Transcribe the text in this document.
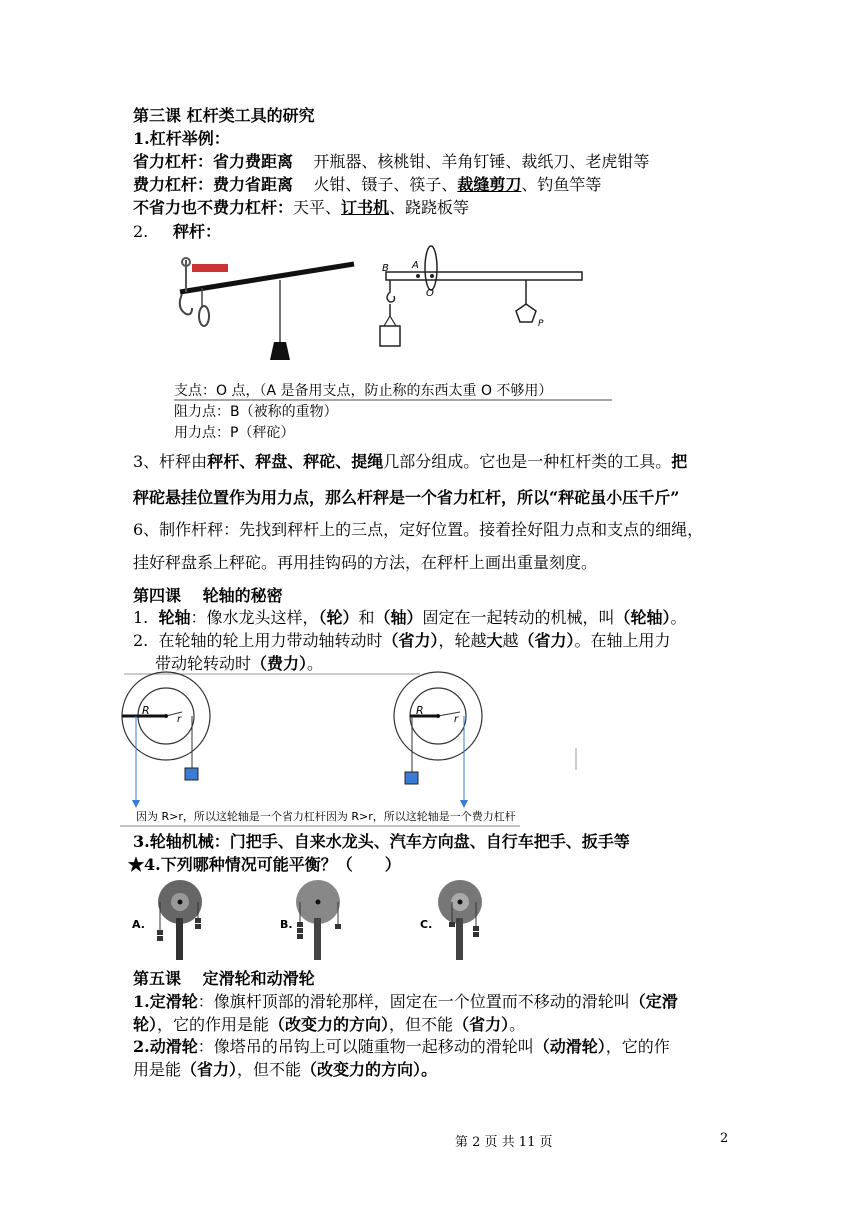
第三课 杠杆类工具的研究
1.杠杆举例：
省力杠杆：省力费距离 开瓶器、核桃钳、羊角钉锤、裁纸刀、老虎钳等
费力杠杆：费力省距离 火钳、镊子、筷子、裁缝剪刀、钓鱼竿等
不省力也不费力杠杆：天平、订书机、跷跷板等
2. 秤杆：
B A
O
P
支点：O 点，（A 是备用支点，防止称的东西太重 O 不够用）
阻力点：B（被称的重物）
用力点：P（秤砣）
3、杆秤由秤杆、秤盘、秤砣、提绳几部分组成。它也是一种杠杆类的工具。把
秤砣悬挂位置作为用力点，那么杆秤是一个省力杠杆，所以“秤砣虽小压千斤”
6、制作杆秤：先找到秤杆上的三点，定好位置。接着拴好阻力点和支点的细绳，
挂好秤盘系上秤砣。再用挂钩码的方法，在秤杆上画出重量刻度。
第四课　 轮轴的秘密
1. 轮轴：像水龙头这样，（轮）和（轴）固定在一起转动的机械，叫（轮轴）。
2. 在轮轴的轮上用力带动轴转动时（省力），轮越大越（省力）。在轴上用力
带动轮转动时（费力）。
R
r
R
r
因为 R>r，所以这轮轴是一个省力杠杆因为 R>r，所以这轮轴是一个费力杠杆
3.轮轴机械：门把手、自来水龙头、汽车方向盘、自行车把手、扳手等
★4.下列哪种情况可能平衡？（　　）
A.	B.	C.
第五课　 定滑轮和动滑轮
1.定滑轮：像旗杆顶部的滑轮那样，固定在一个位置而不移动的滑轮叫（定滑
轮），它的作用是能（改变力的方向），但不能（省力）。
2.动滑轮：像塔吊的吊钩上可以随重物一起移动的滑轮叫（动滑轮），它的作
用是能（省力），但不能（改变力的方向）。
第 2 页 共 11 页	2
